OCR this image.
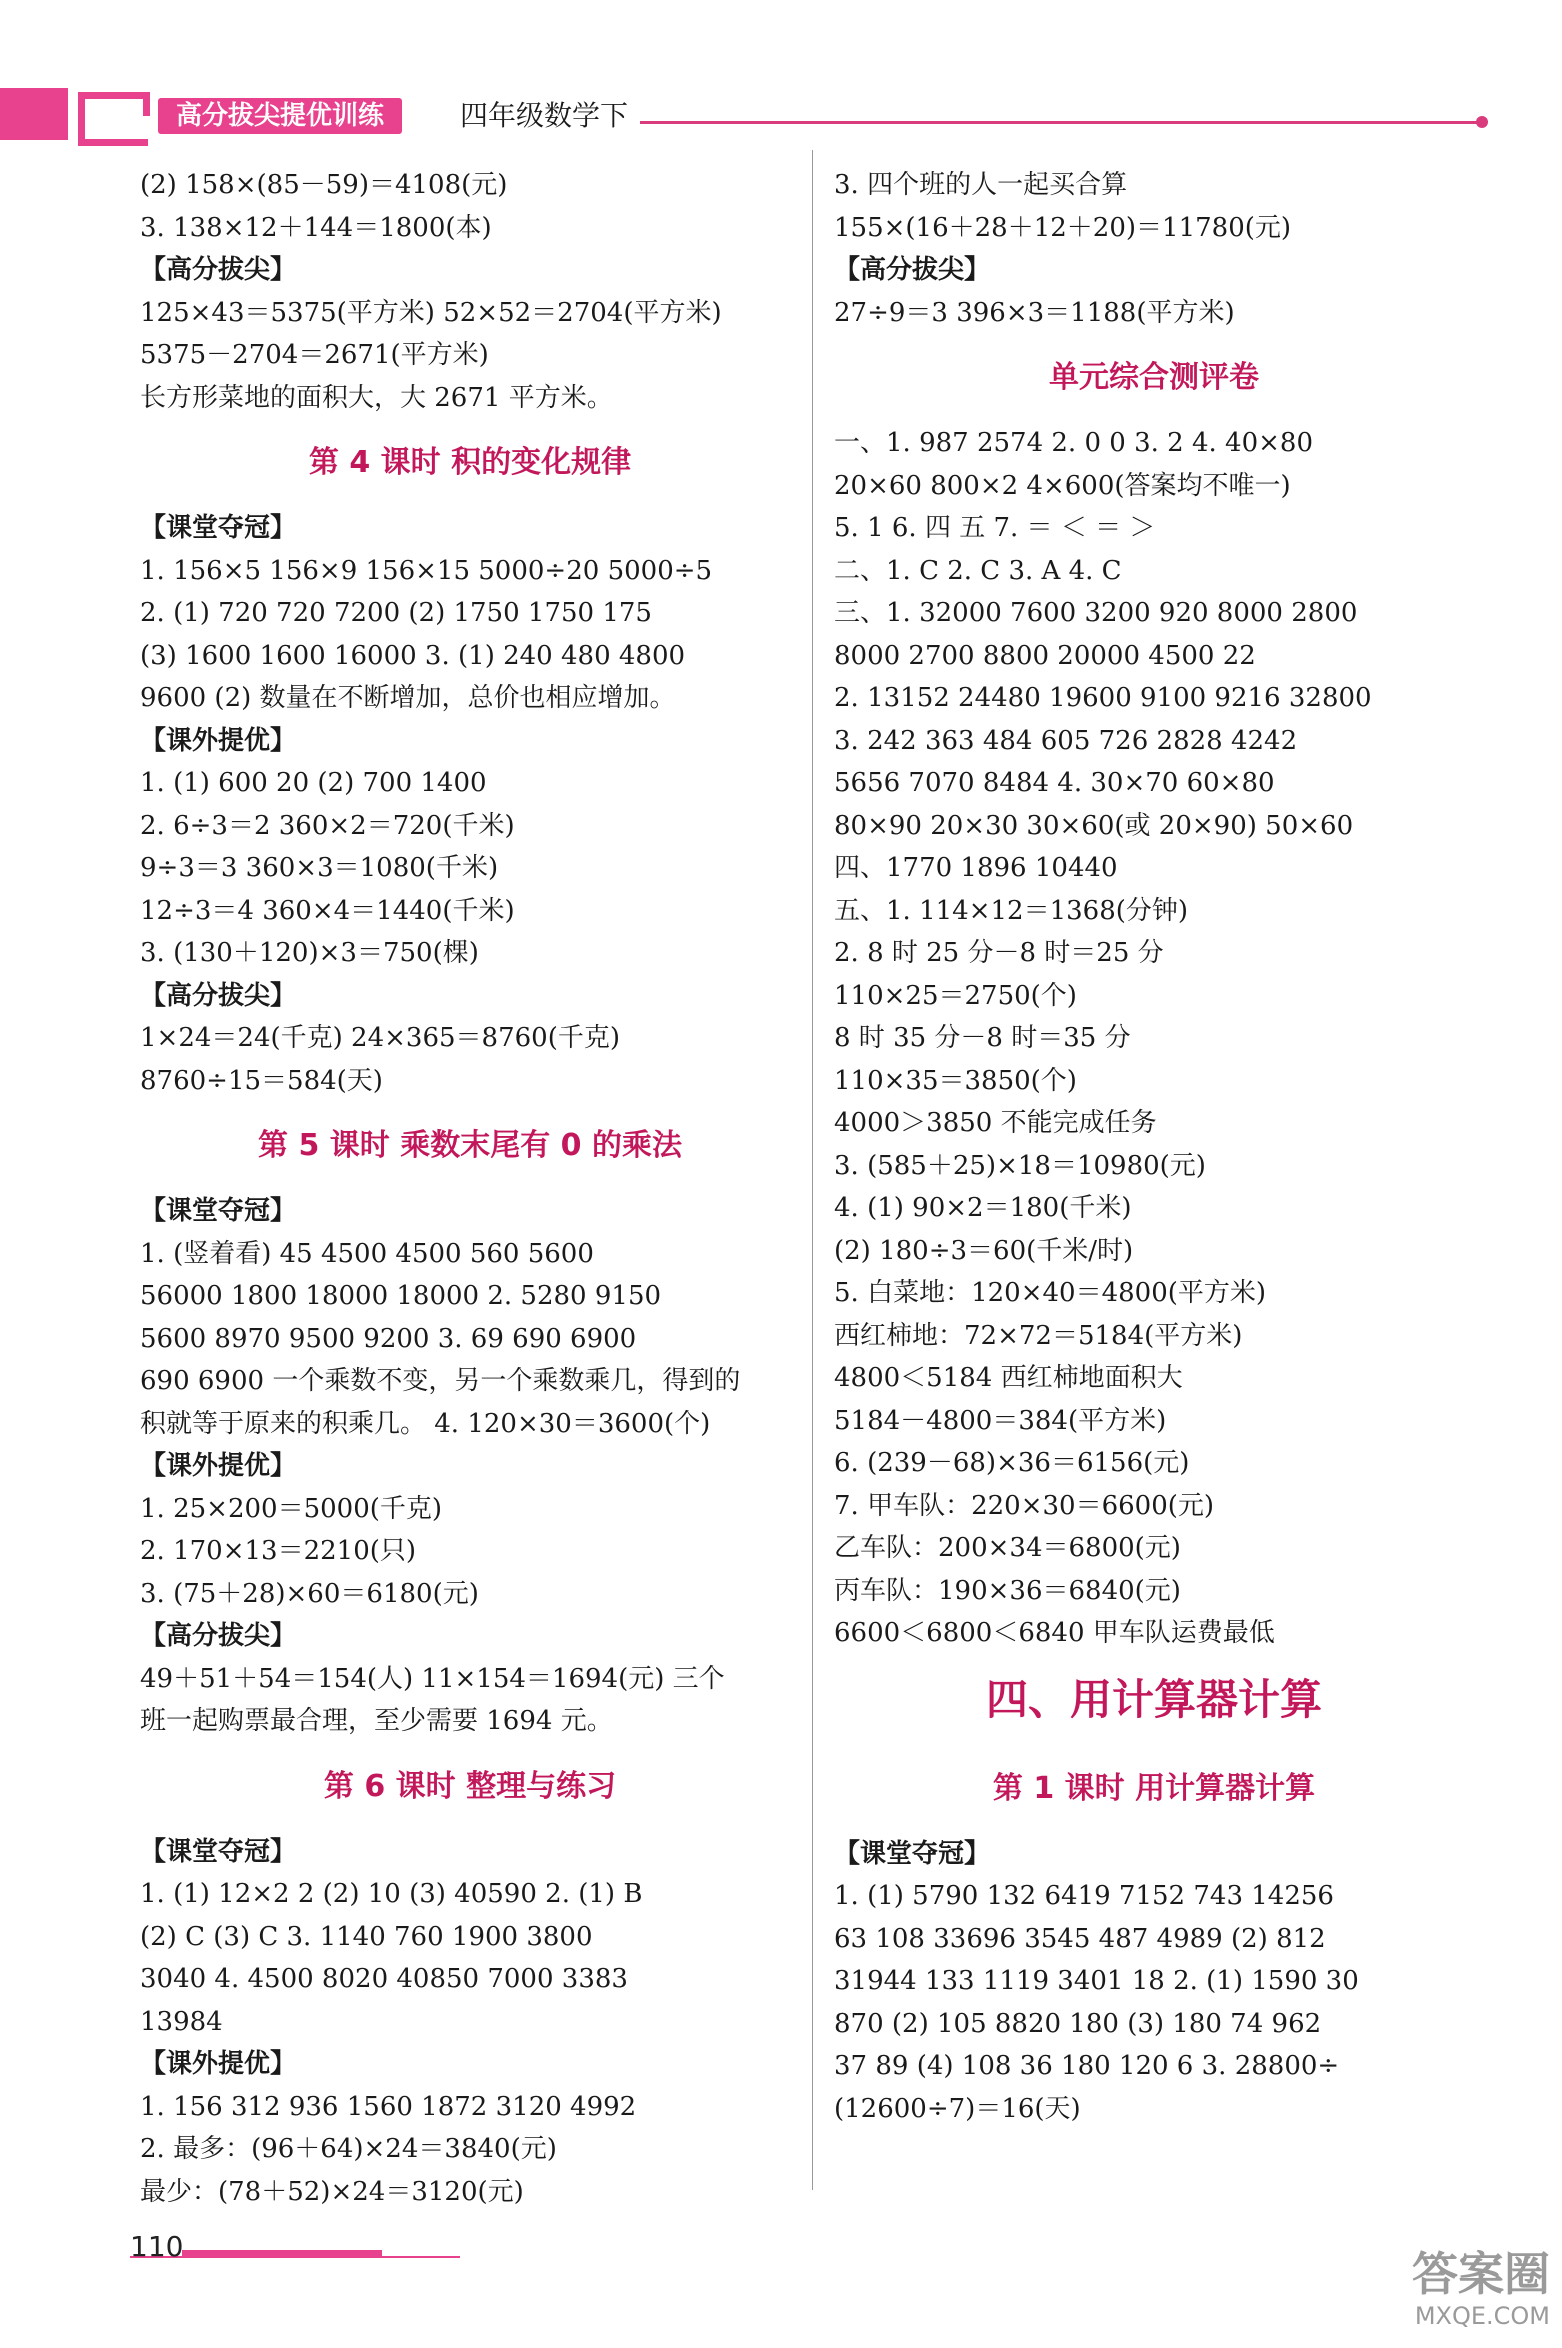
高分拔尖提优训练	四年级数学下
(2) 158×(85－59)＝4108(元)
3. 138×12＋144＝1800(本)
【高分拔尖】
125×43＝5375(平方米) 52×52＝2704(平方米)
5375－2704＝2671(平方米)
长方形菜地的面积大，大 2671 平方米。
第 4 课时 积的变化规律
【课堂夺冠】
1. 156×5 156×9 156×15 5000÷20 5000÷5
2. (1) 720 720 7200 (2) 1750 1750 175
(3) 1600 1600 16000 3. (1) 240 480 4800
9600 (2) 数量在不断增加，总价也相应增加。
【课外提优】
1. (1) 600 20 (2) 700 1400
2. 6÷3＝2 360×2＝720(千米)
9÷3＝3 360×3＝1080(千米)
12÷3＝4 360×4＝1440(千米)
3. (130＋120)×3＝750(棵)
【高分拔尖】
1×24＝24(千克) 24×365＝8760(千克)
8760÷15＝584(天)
第 5 课时 乘数末尾有 0 的乘法
【课堂夺冠】
1. (竖着看) 45 4500 4500 560 5600
56000 1800 18000 18000 2. 5280 9150
5600 8970 9500 9200 3. 69 690 6900
690 6900 一个乘数不变，另一个乘数乘几，得到的
积就等于原来的积乘几。 4. 120×30＝3600(个)
【课外提优】
1. 25×200＝5000(千克)
2. 170×13＝2210(只)
3. (75＋28)×60＝6180(元)
【高分拔尖】
49＋51＋54＝154(人) 11×154＝1694(元) 三个
班一起购票最合理，至少需要 1694 元。
第 6 课时 整理与练习
【课堂夺冠】
1. (1) 12×2 2 (2) 10 (3) 40590 2. (1) B
(2) C (3) C 3. 1140 760 1900 3800
3040 4. 4500 8020 40850 7000 3383
13984
【课外提优】
1. 156 312 936 1560 1872 3120 4992
2. 最多：(96＋64)×24＝3840(元)
最少：(78＋52)×24＝3120(元)
3. 四个班的人一起买合算
155×(16＋28＋12＋20)＝11780(元)
【高分拔尖】
27÷9＝3 396×3＝1188(平方米)
单元综合测评卷
一、1. 987 2574 2. 0 0 3. 2 4. 40×80
20×60 800×2 4×600(答案均不唯一)
5. 1 6. 四 五 7. ＝ ＜ ＝ ＞
二、1. C 2. C 3. A 4. C
三、1. 32000 7600 3200 920 8000 2800
8000 2700 8800 20000 4500 22
2. 13152 24480 19600 9100 9216 32800
3. 242 363 484 605 726 2828 4242
5656 7070 8484 4. 30×70 60×80
80×90 20×30 30×60(或 20×90) 50×60
四、1770 1896 10440
五、1. 114×12＝1368(分钟)
2. 8 时 25 分－8 时＝25 分
110×25＝2750(个)
8 时 35 分－8 时＝35 分
110×35＝3850(个)
4000＞3850 不能完成任务
3. (585＋25)×18＝10980(元)
4. (1) 90×2＝180(千米)
(2) 180÷3＝60(千米/时)
5. 白菜地：120×40＝4800(平方米)
西红柿地：72×72＝5184(平方米)
4800＜5184 西红柿地面积大
5184－4800＝384(平方米)
6. (239－68)×36＝6156(元)
7. 甲车队：220×30＝6600(元)
乙车队：200×34＝6800(元)
丙车队：190×36＝6840(元)
6600＜6800＜6840 甲车队运费最低
四、用计算器计算
第 1 课时 用计算器计算
【课堂夺冠】
1. (1) 5790 132 6419 7152 743 14256
63 108 33696 3545 487 4989 (2) 812
31944 133 1119 3401 18 2. (1) 1590 30
870 (2) 105 8820 180 (3) 180 74 962
37 89 (4) 108 36 180 120 6 3. 28800÷
(12600÷7)＝16(天)
110
答案圈
MXQE.COM
